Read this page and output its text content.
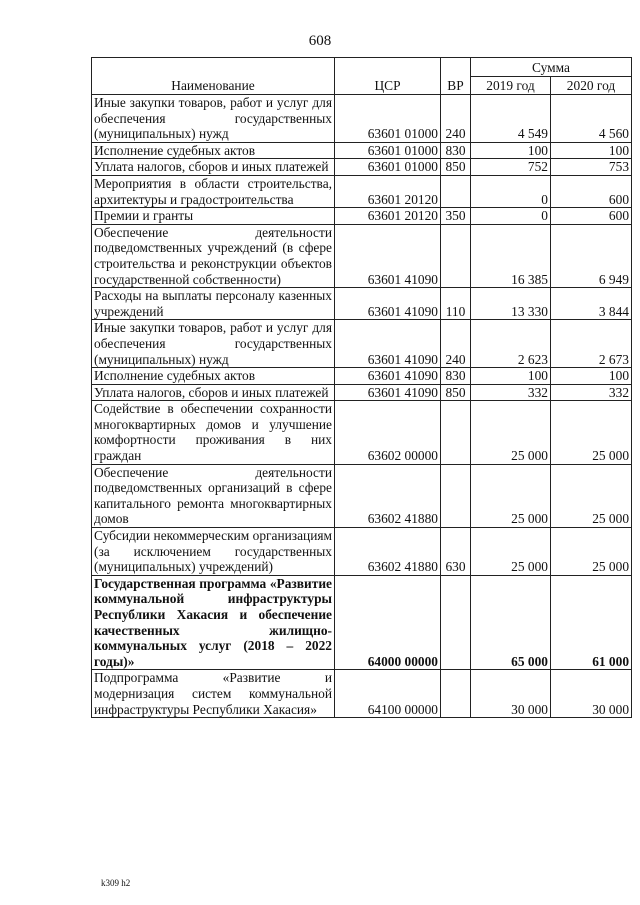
608
Наименование	ЦСР	ВР	Сумма	
			2019 год	2020 год
Иные закупки товаров, работ и услуг для обеспечения государственных (муниципальных) нужд	63601 01000	240	4 549	4 560
Исполнение судебных актов	63601 01000	830	100	100
Уплата налогов, сборов и иных платежей	63601 01000	850	752	753
Мероприятия в области строительства, архитектуры и градостроительства	63601 20120		0	600
Премии и гранты	63601 20120	350	0	600
Обеспечение деятельности подведомственных учреждений (в сфере строительства и реконструкции объектов государственной собственности)	63601 41090		16 385	6 949
Расходы на выплаты персоналу казенных учреждений	63601 41090	110	13 330	3 844
Иные закупки товаров, работ и услуг для обеспечения государственных (муниципальных) нужд	63601 41090	240	2 623	2 673
Исполнение судебных актов	63601 41090	830	100	100
Уплата налогов, сборов и иных платежей	63601 41090	850	332	332
Содействие в обеспечении сохранности многоквартирных домов и улучшение комфортности проживания в них граждан	63602 00000		25 000	25 000
Обеспечение деятельности подведомственных организаций в сфере капитального ремонта многоквартирных домов	63602 41880		25 000	25 000
Субсидии некоммерческим организациям (за исключением государственных (муниципальных) учреждений)	63602 41880	630	25 000	25 000
Государственная программа «Развитие коммунальной инфраструктуры Республики Хакасия и обеспечение качественных жилищно-коммунальных услуг (2018 – 2022 годы)»	64000 00000		65 000	61 000
Подпрограмма «Развитие и модернизация систем коммунальной инфраструктуры Республики Хакасия»	64100 00000		30 000	30 000
k309 h2
